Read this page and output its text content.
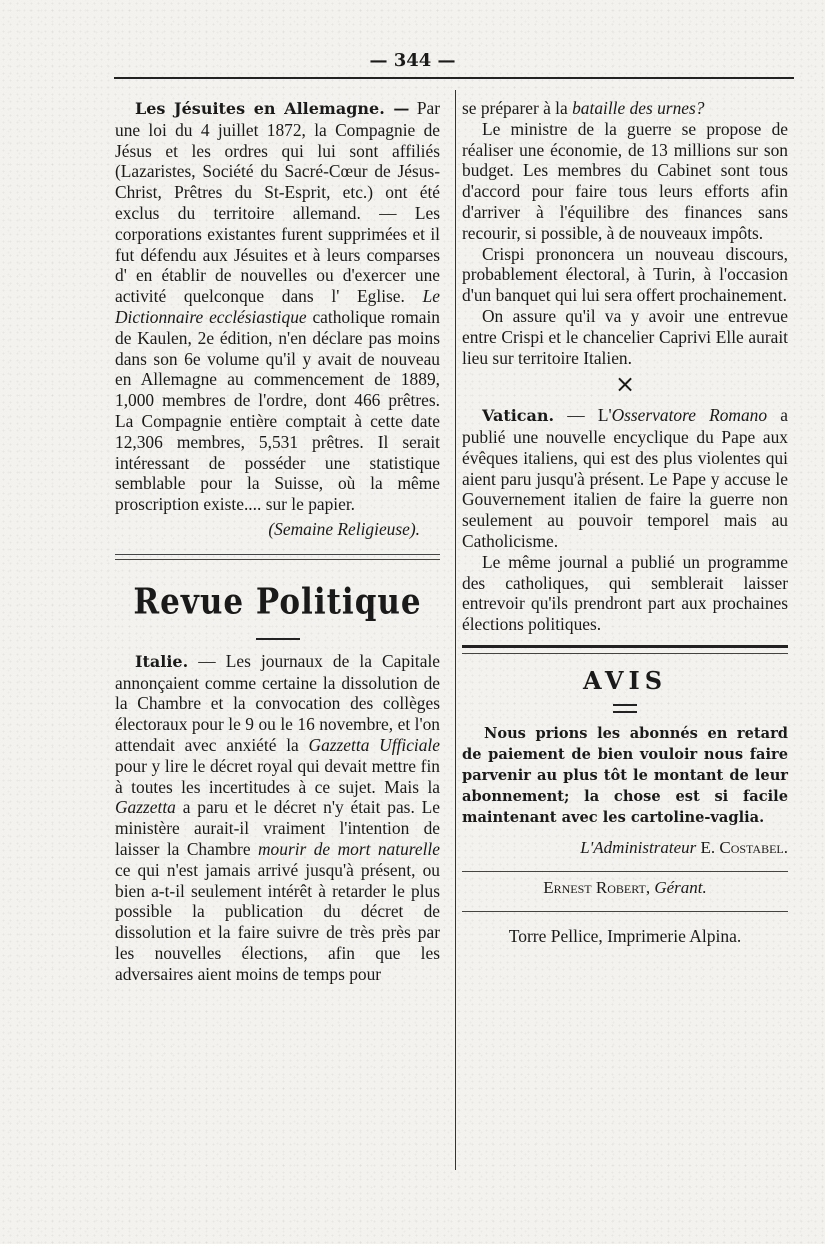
— 344 —

Les Jésuites en Allemagne. — Par une loi du 4 juillet 1872, la Compagnie de Jésus et les ordres qui lui sont affiliés (Lazaristes, Société du Sacré-Cœur de Jésus-Christ, Prêtres du St-Esprit, etc.) ont été exclus du territoire allemand. — Les corporations existantes furent supprimées et il fut défendu aux Jésuites et à leurs comparses d' en établir de nouvelles ou d'exercer une activité quelconque dans l' Eglise. Le Dictionnaire ecclésiastique catholique romain de Kaulen, 2e édition, n'en déclare pas moins dans son 6e volume qu'il y avait de nouveau en Allemagne au commencement de 1889, 1,000 membres de l'ordre, dont 466 prêtres. La Compagnie entière comptait à cette date 12,306 membres, 5,531 prêtres. Il serait intéressant de posséder une statistique semblable pour la Suisse, où la même proscription existe.... sur le papier.

(Semaine Religieuse).
Revue Politique

Italie. — Les journaux de la Capitale annonçaient comme certaine la dissolution de la Chambre et la convocation des collèges électoraux pour le 9 ou le 16 novembre, et l'on attendait avec anxiété la Gazzetta Ufficiale pour y lire le décret royal qui devait mettre fin à toutes les incertitudes à ce sujet. Mais la Gazzetta a paru et le décret n'y était pas. Le ministère aurait-il vraiment l'intention de laisser la Chambre mourir de mort naturelle ce qui n'est jamais arrivé jusqu'à présent, ou bien a-t-il seulement intérêt à retarder le plus possible la publication du décret de dissolution et la faire suivre de très près par les nouvelles élections, afin que les adversaires aient moins de temps pour

se préparer à la bataille des urnes?

Le ministre de la guerre se propose de réaliser une économie, de 13 millions sur son budget. Les membres du Cabinet sont tous d'accord pour faire tous leurs efforts afin d'arriver à l'équilibre des finances sans recourir, si possible, à de nouveaux impôts.

Crispi prononcera un nouveau discours, probablement électoral, à Turin, à l'occasion d'un banquet qui lui sera offert prochainement.

On assure qu'il va y avoir une entrevue entre Crispi et le chancelier Caprivi Elle aurait lieu sur territoire Italien.

×

Vatican. — L'Osservatore Romano a publié une nouvelle encyclique du Pape aux évêques italiens, qui est des plus violentes qui aient paru jusqu'à présent. Le Pape y accuse le Gouvernement italien de faire la guerre non seulement au pouvoir temporel mais au Catholicisme.

Le même journal a publié un programme des catholiques, qui semblerait laisser entrevoir qu'ils prendront part aux prochaines élections politiques.

AVIS

Nous prions les abonnés en retard de paiement de bien vouloir nous faire parvenir au plus tôt le montant de leur abonnement; la chose est si facile maintenant avec les cartoline-vaglia.

L'Administrateur E. Costabel.
Ernest Robert, Gérant.
Torre Pellice, Imprimerie Alpina.
